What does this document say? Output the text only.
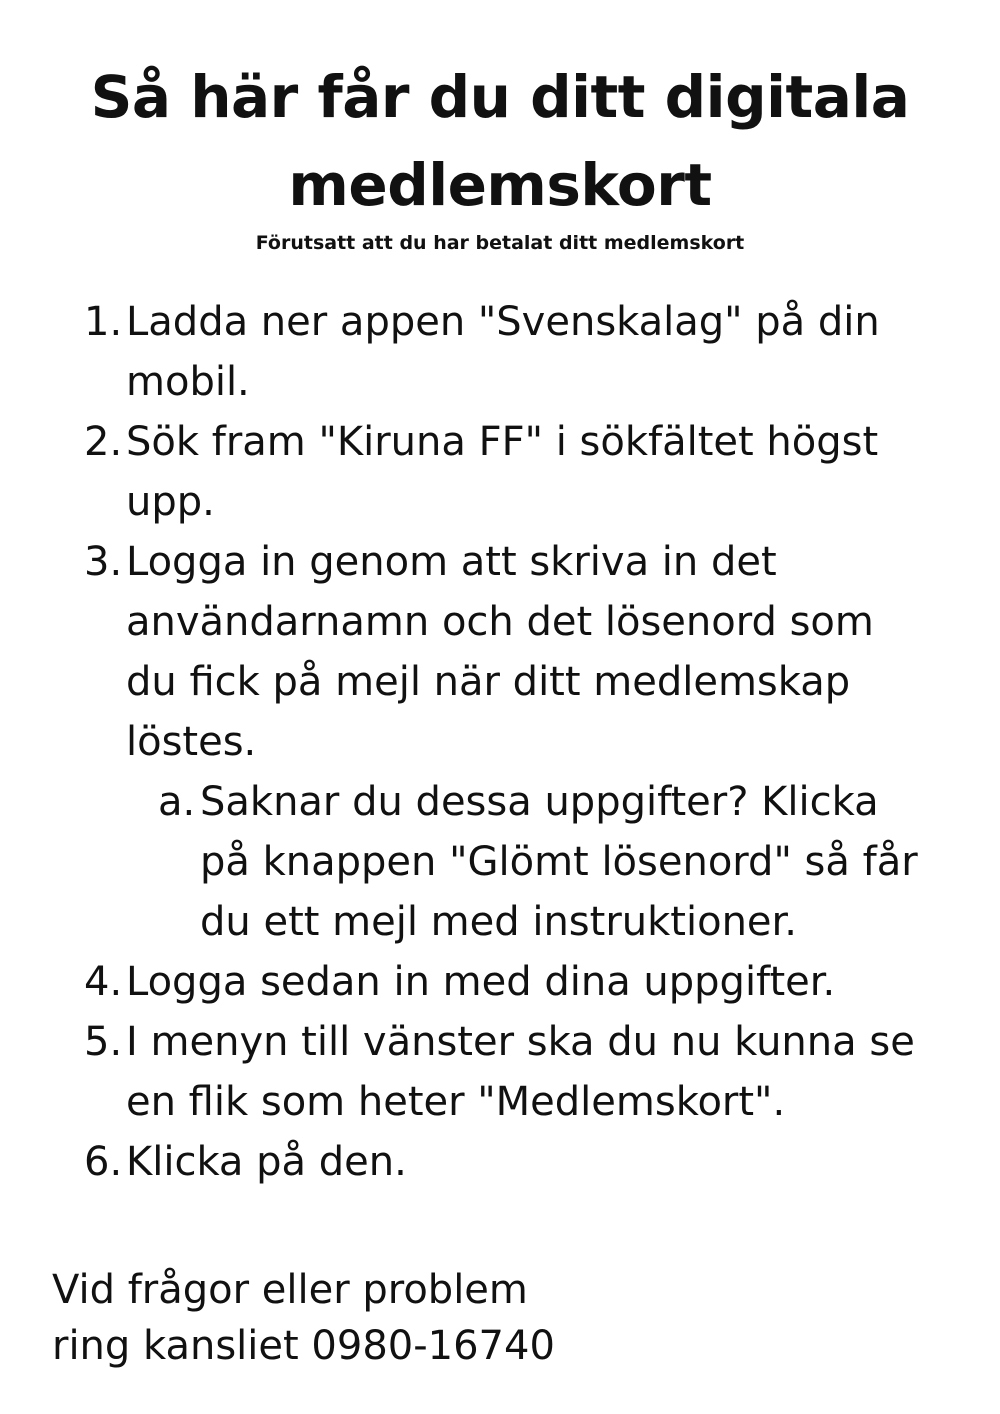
Så här får du ditt digitala
medlemskort

Förutsatt att du har betalat ditt medlemskort

1. Ladda ner appen "Svenskalag" på din mobil.
2. Sök fram "Kiruna FF" i sökfältet högst upp.
3. Logga in genom att skriva in det användarnamn och det lösenord som du fick på mejl när ditt medlemskap löstes.
a. Saknar du dessa uppgifter? Klicka på knappen "Glömt lösenord" så får du ett mejl med instruktioner.
4. Logga sedan in med dina uppgifter.
5. I menyn till vänster ska du nu kunna se en flik som heter "Medlemskort".
6. Klicka på den.

Vid frågor eller problem
ring kansliet 0980-16740
